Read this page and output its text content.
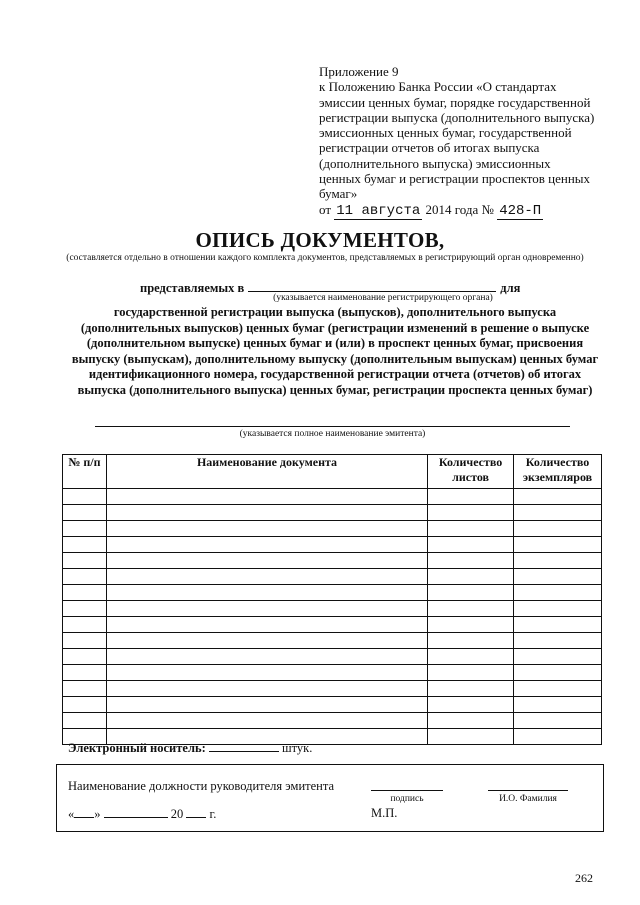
Приложение 9
к Положению Банка России «О стандартах
эмиссии ценных бумаг, порядке государственной
регистрации выпуска (дополнительного выпуска)
эмиссионных ценных бумаг, государственной
регистрации отчетов об итогах выпуска
(дополнительного выпуска) эмиссионных
ценных бумаг и регистрации проспектов ценных
бумаг»
от 11 августа 2014 года № 428-П
ОПИСЬ ДОКУМЕНТОВ,
(составляется отдельно в отношении каждого комплекта документов, представляемых в регистрирующий орган одновременно)
представляемых в	для
(указывается наименование регистрирующего органа)
государственной регистрации выпуска (выпусков), дополнительного выпуска (дополнительных выпусков) ценных бумаг (регистрации изменений в решение о выпуске (дополнительном выпуске) ценных бумаг и (или) в проспект ценных бумаг, присвоения выпуску (выпускам), дополнительному выпуску (дополнительным выпускам) ценных бумаг идентификационного номера, государственной регистрации отчета (отчетов) об итогах выпуска (дополнительного выпуска) ценных бумаг, регистрации проспекта ценных бумаг)
(указывается полное наименование эмитента)
№ п/п	Наименование документа	Количество листов	Количество экземпляров

Электронный носитель:	штук.
Наименование должности руководителя эмитента
подпись	И.О. Фамилия
« »	20 г.	М.П.
262
